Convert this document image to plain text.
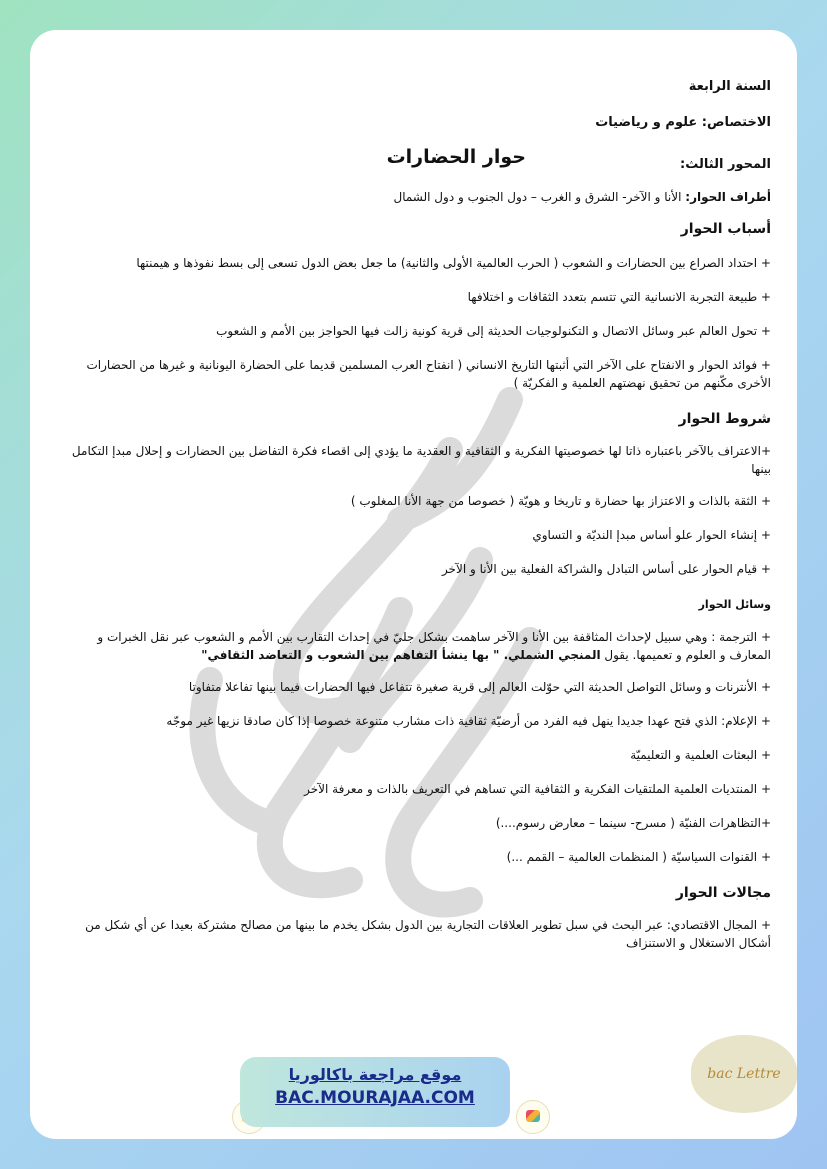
السنة الرابعة

الاختصاص: علوم و رياضيات

المحور الثالث:
حوار الحضارات

أطراف الحوار: الأنا و الآخر- الشرق و الغرب – دول الجنوب و دول الشمال

أسباب الحوار

+ احتداد الصراع بين الحضارات و الشعوب ( الحرب العالمية الأولى والثانية) ما جعل بعض الدول تسعى إلى بسط نفوذها و هيمنتها

+ طبيعة التجربة الانسانية التي تتسم بتعدد الثقافات و اختلافها

+ تحول العالم عبر وسائل الاتصال و التكنولوجيات الحديثة إلى قرية كونية زالت فيها الحواجز بين الأمم و الشعوب

+ فوائد الحوار و الانفتاح على الآخر التي أثبتها التاريخ الانساني ( انفتاح العرب المسلمين قديما على الحضارة اليونانية و غيرها من الحضارات الأخرى مكّنهم من تحقيق نهضتهم العلمية و الفكريّة )

شروط الحوار

+الاعتراف بالآخر باعتباره ذاتا لها خصوصيتها الفكرية و الثقافية و العقدية ما يؤدي إلى اقصاء فكرة التفاضل بين الحضارات و إحلال مبدإ التكامل بينها

+ الثقة بالذات و الاعتزاز بها حضارة و تاريخا و هويّة ( خصوصا من جهة الأنا المغلوب )

+ إنشاء الحوار علو أساس مبدإ النديّة و التساوي

+ قيام الحوار على أساس التبادل والشراكة الفعلية بين الأنا و الآخر

وسائل الحوار

+ الترجمة : وهي سبيل لإحداث المثاقفة بين الأنا و الآخر ساهمت بشكل جليّ في إحداث التقارب بين الأمم و الشعوب عبر نقل الخبرات و المعارف و العلوم و تعميمها. يقول المنجي الشملي. " بها ينشأ التفاهم بين الشعوب و التعاضد الثقافي"

+ الأنترنات و وسائل التواصل الحديثة التي حوّلت العالم إلى قرية صغيرة تتفاعل فيها الحضارات فيما بينها تفاعلا متفاوتا

+ الإعلام: الذي فتح عهدا جديدا ينهل فيه الفرد من أرضيّة ثقافية ذات مشارب متنوعة خصوصا إذا كان صادقا نزيها غير موجّه

+ البعثات العلمية و التعليميّة

+ المنتديات العلمية الملتقيات الفكرية و الثقافية التي تساهم في التعريف بالذات و معرفة الآخر

+التظاهرات الفنيّة ( مسرح- سينما – معارض رسوم....)

+ القنوات السياسيّة ( المنظمات العالمية – القمم ...)

مجالات الحوار

+ المجال الاقتصادي: عبر البحث في سبل تطوير العلاقات التجارية بين الدول بشكل يخدم ما بينها من مصالح مشتركة بعيدا عن أي شكل من أشكال الاستغلال و الاستنزاف

bac Lettre
موقع مراجعة باكالوريا
BAC.MOURAJAA.COM
